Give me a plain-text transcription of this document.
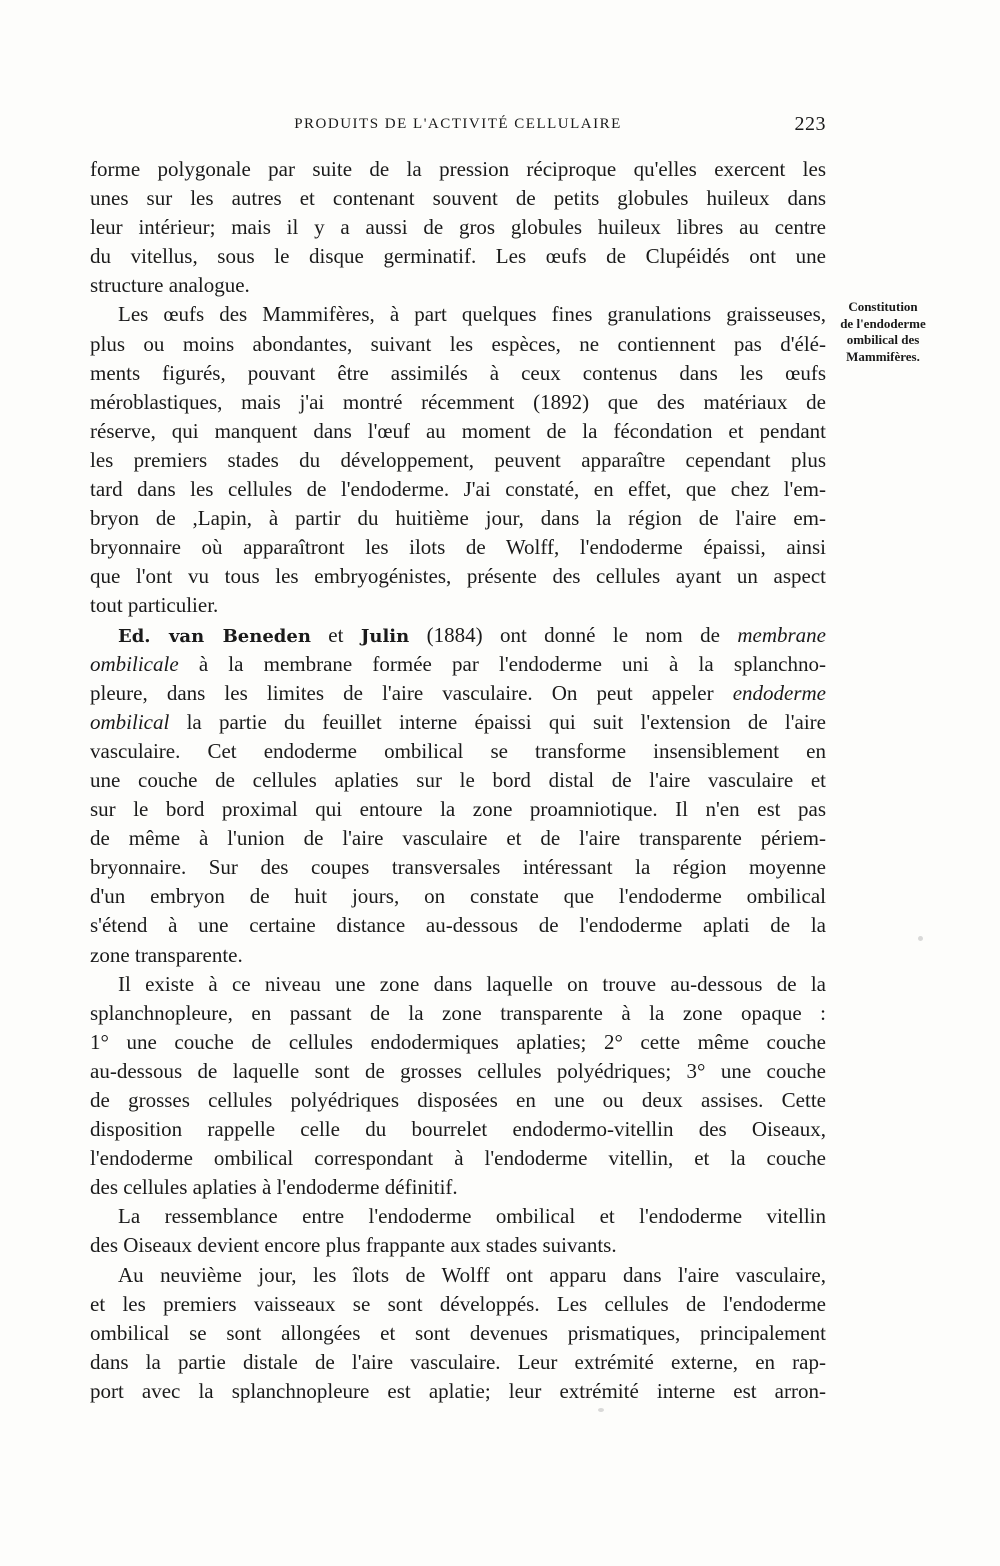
PRODUITS DE L'ACTIVITÉ CELLULAIRE	223
forme polygonale par suite de la pression réciproque qu'elles exercent les
unes sur les autres et contenant souvent de petits globules huileux dans
leur intérieur; mais il y a aussi de gros globules huileux libres au centre
du vitellus, sous le disque germinatif. Les œufs de Clupéidés ont une
structure analogue.
Les œufs des Mammifères, à part quelques fines granulations graisseuses,
plus ou moins abondantes, suivant les espèces, ne contiennent pas d'élé-
ments figurés, pouvant être assimilés à ceux contenus dans les œufs
méroblastiques, mais j'ai montré récemment (1892) que des matériaux de
réserve, qui manquent dans l'œuf au moment de la fécondation et pendant
les premiers stades du développement, peuvent apparaître cependant plus
tard dans les cellules de l'endoderme. J'ai constaté, en effet, que chez l'em-
bryon de ,Lapin, à partir du huitième jour, dans la région de l'aire em-
bryonnaire où apparaîtront les ilots de Wolff, l'endoderme épaissi, ainsi
que l'ont vu tous les embryogénistes, présente des cellules ayant un aspect
tout particulier.
Ed. van Beneden et Julin (1884) ont donné le nom de membrane
ombilicale à la membrane formée par l'endoderme uni à la splanchno-
pleure, dans les limites de l'aire vasculaire. On peut appeler endoderme
ombilical la partie du feuillet interne épaissi qui suit l'extension de l'aire
vasculaire. Cet endoderme ombilical se transforme insensiblement en
une couche de cellules aplaties sur le bord distal de l'aire vasculaire et
sur le bord proximal qui entoure la zone proamniotique. Il n'en est pas
de même à l'union de l'aire vasculaire et de l'aire transparente périem-
bryonnaire. Sur des coupes transversales intéressant la région moyenne
d'un embryon de huit jours, on constate que l'endoderme ombilical
s'étend à une certaine distance au-dessous de l'endoderme aplati de la
zone transparente.
Il existe à ce niveau une zone dans laquelle on trouve au-dessous de la
splanchnopleure, en passant de la zone transparente à la zone opaque :
1° une couche de cellules endodermiques aplaties; 2° cette même couche
au-dessous de laquelle sont de grosses cellules polyédriques; 3° une couche
de grosses cellules polyédriques disposées en une ou deux assises. Cette
disposition rappelle celle du bourrelet endodermo-vitellin des Oiseaux,
l'endoderme ombilical correspondant à l'endoderme vitellin, et la couche
des cellules aplaties à l'endoderme définitif.
La ressemblance entre l'endoderme ombilical et l'endoderme vitellin
des Oiseaux devient encore plus frappante aux stades suivants.
Au neuvième jour, les îlots de Wolff ont apparu dans l'aire vasculaire,
et les premiers vaisseaux se sont développés. Les cellules de l'endoderme
ombilical se sont allongées et sont devenues prismatiques, principalement
dans la partie distale de l'aire vasculaire. Leur extrémité externe, en rap-
port avec la splanchnopleure est aplatie; leur extrémité interne est arron-
Constitution
de l'endoderme
ombilical des
Mammifères.
